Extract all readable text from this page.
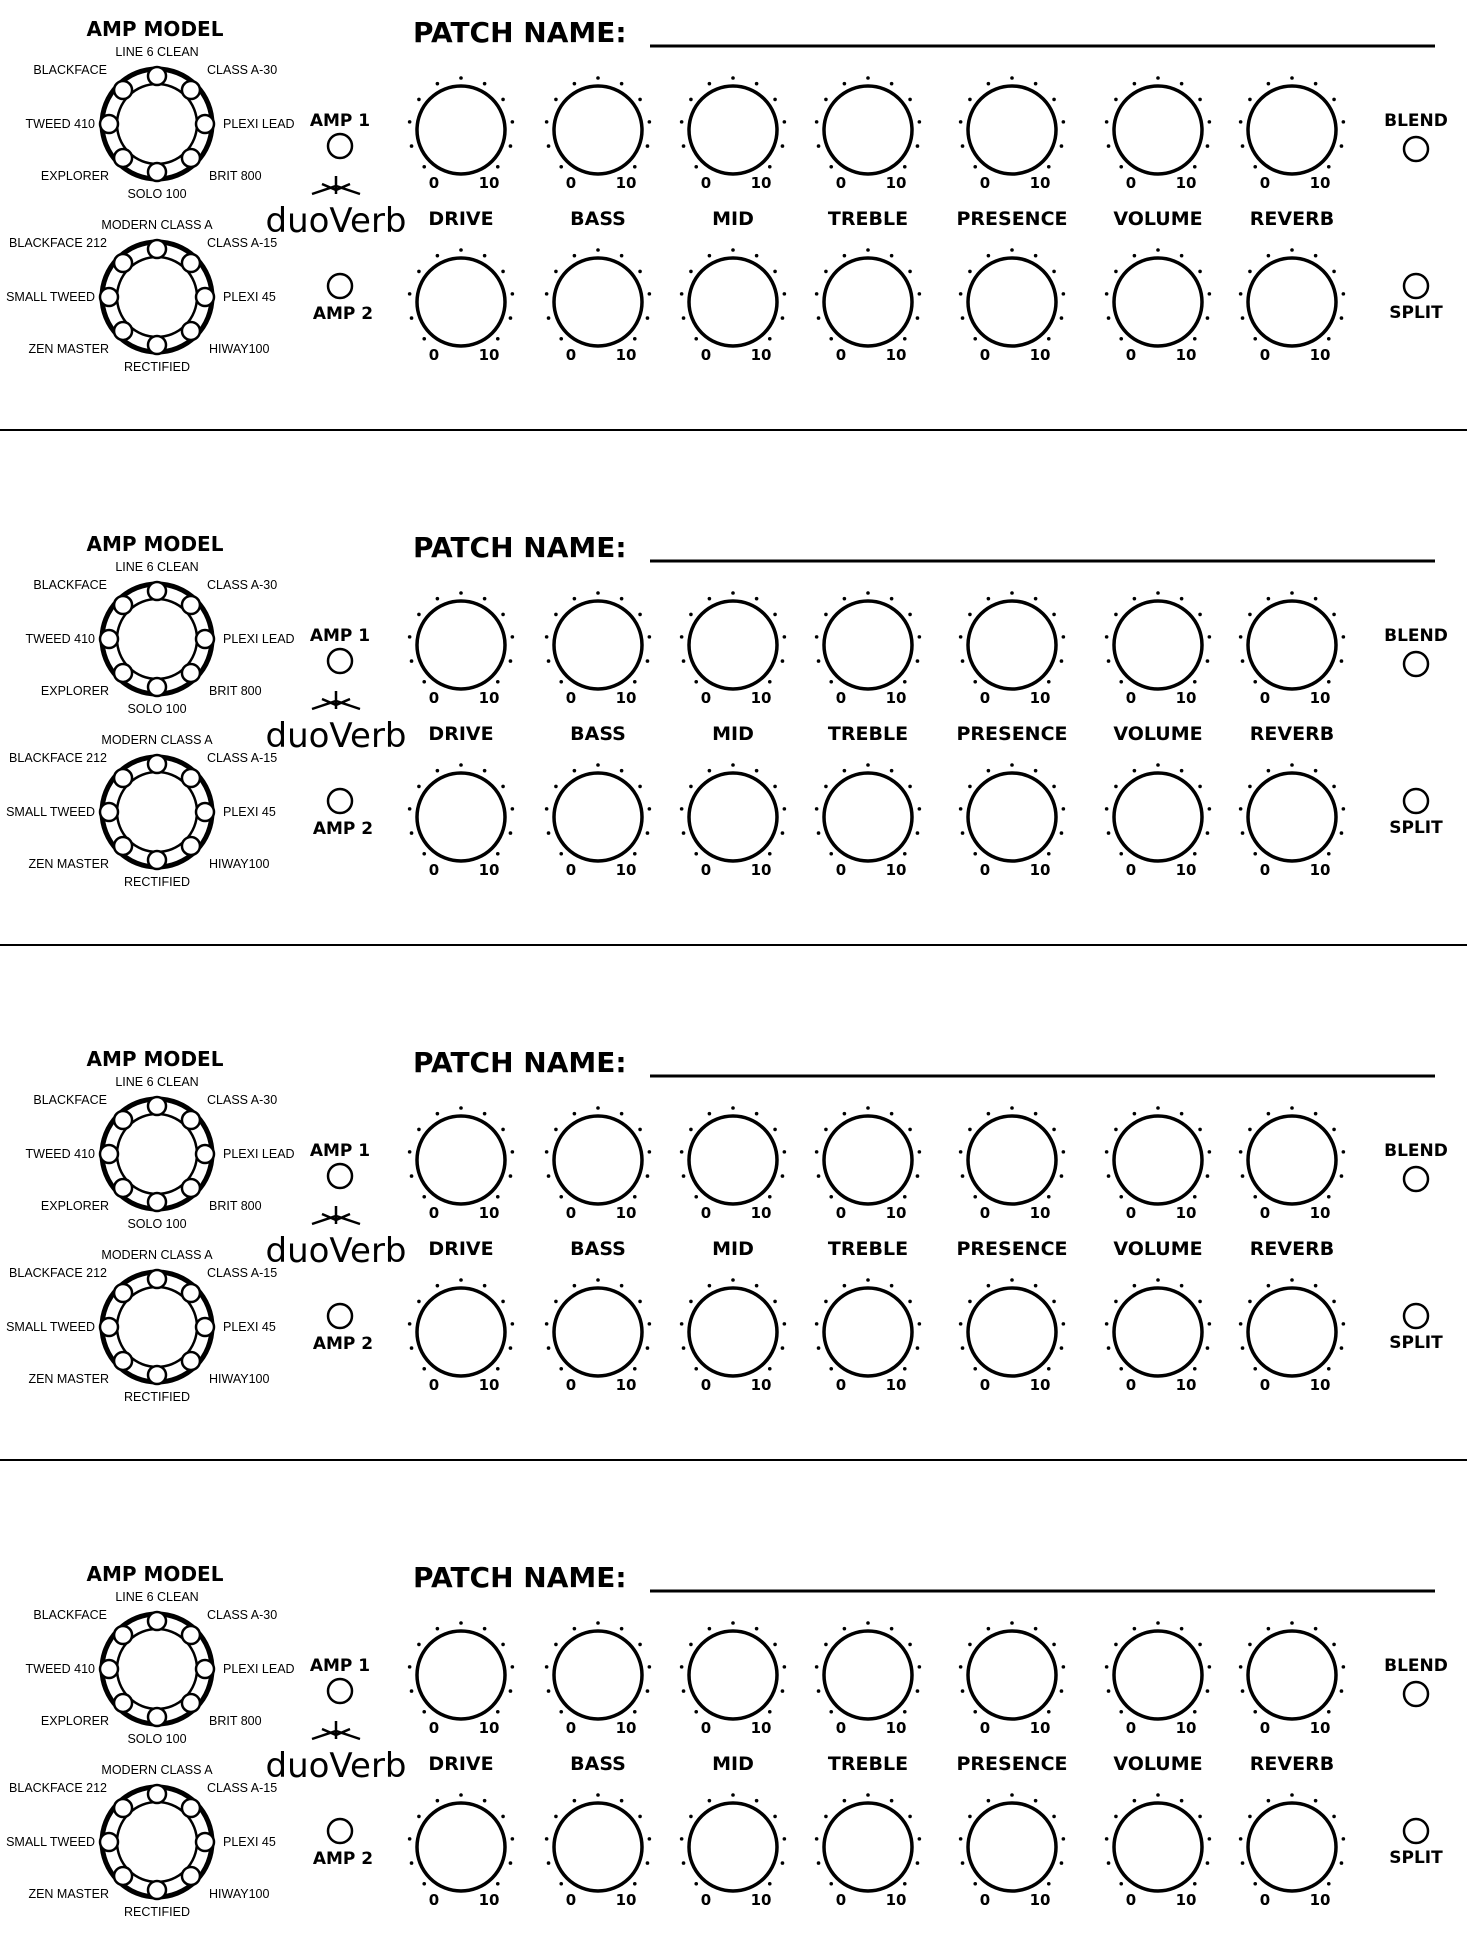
AMP MODEL
LINE 6 CLEAN
CLASS A-30
PLEXI LEAD
BRIT 800
SOLO 100
EXPLORER
TWEED 410
BLACKFACE
MODERN CLASS A
CLASS A-15
PLEXI 45
HIWAY100
RECTIFIED
ZEN MASTER
SMALL TWEED
BLACKFACE 212
PATCH NAME:
AMP 1
AMP 2
duoVerb
0	10
DRIVE
0	10
0	10
BASS
0	10
0	10
MID
0	10
0	10
TREBLE
0	10
0	10
PRESENCE
0	10
0	10
VOLUME
0	10
0	10
REVERB
0	10
BLEND
SPLIT
AMP MODEL
LINE 6 CLEAN
CLASS A-30
PLEXI LEAD
BRIT 800
SOLO 100
EXPLORER
TWEED 410
BLACKFACE
MODERN CLASS A
CLASS A-15
PLEXI 45
HIWAY100
RECTIFIED
ZEN MASTER
SMALL TWEED
BLACKFACE 212
PATCH NAME:
AMP 1
AMP 2
duoVerb
0	10
DRIVE
0	10
0	10
BASS
0	10
0	10
MID
0	10
0	10
TREBLE
0	10
0	10
PRESENCE
0	10
0	10
VOLUME
0	10
0	10
REVERB
0	10
BLEND
SPLIT
AMP MODEL
LINE 6 CLEAN
CLASS A-30
PLEXI LEAD
BRIT 800
SOLO 100
EXPLORER
TWEED 410
BLACKFACE
MODERN CLASS A
CLASS A-15
PLEXI 45
HIWAY100
RECTIFIED
ZEN MASTER
SMALL TWEED
BLACKFACE 212
PATCH NAME:
AMP 1
AMP 2
duoVerb
0	10
DRIVE
0	10
0	10
BASS
0	10
0	10
MID
0	10
0	10
TREBLE
0	10
0	10
PRESENCE
0	10
0	10
VOLUME
0	10
0	10
REVERB
0	10
BLEND
SPLIT
AMP MODEL
LINE 6 CLEAN
CLASS A-30
PLEXI LEAD
BRIT 800
SOLO 100
EXPLORER
TWEED 410
BLACKFACE
MODERN CLASS A
CLASS A-15
PLEXI 45
HIWAY100
RECTIFIED
ZEN MASTER
SMALL TWEED
BLACKFACE 212
PATCH NAME:
AMP 1
AMP 2
duoVerb
0	10
DRIVE
0	10
0	10
BASS
0	10
0	10
MID
0	10
0	10
TREBLE
0	10
0	10
PRESENCE
0	10
0	10
VOLUME
0	10
0	10
REVERB
0	10
BLEND
SPLIT
